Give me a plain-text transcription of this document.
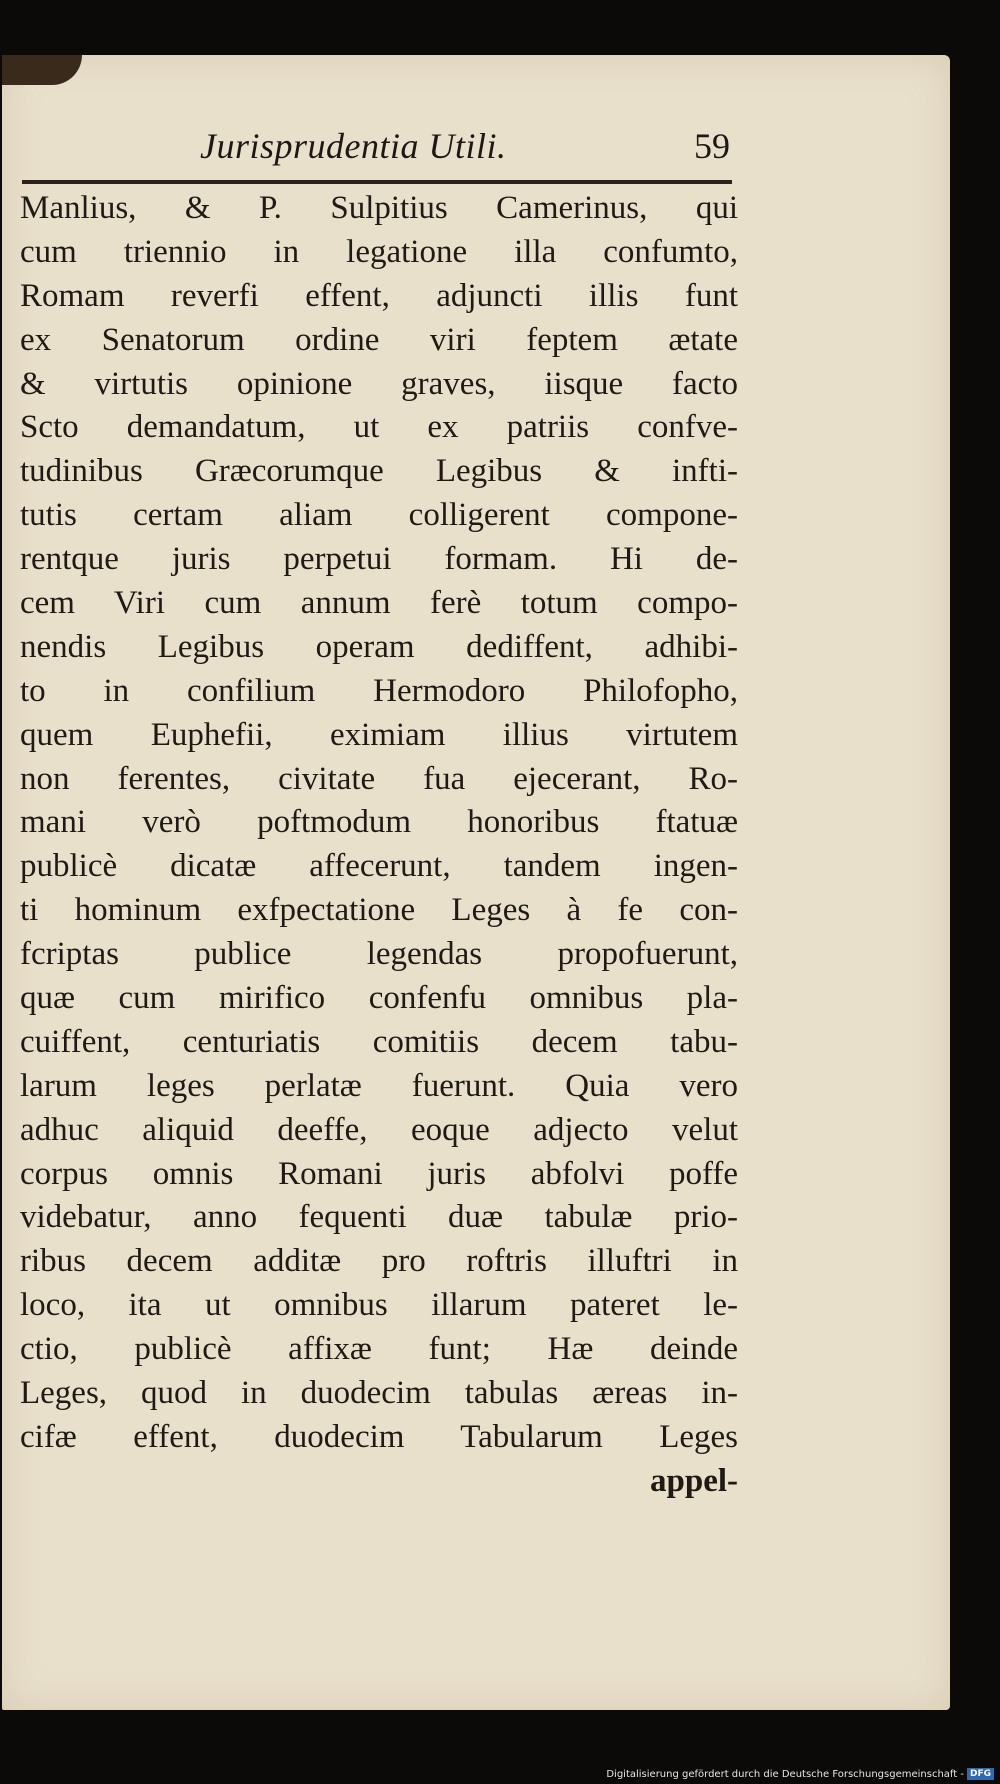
Jurisprudentia Utili.	59
Manlius, & P. Sulpitius Camerinus, qui
cum triennio in legatione illa confumto,
Romam reverfi effent, adjuncti illis funt
ex Senatorum ordine viri feptem ætate
& virtutis opinione graves, iisque facto
Scto demandatum, ut ex patriis confve-
tudinibus Græcorumque Legibus & infti-
tutis certam aliam colligerent compone-
rentque juris perpetui formam. Hi de-
cem Viri cum annum ferè totum compo-
nendis Legibus operam dediffent, adhibi-
to in confilium Hermodoro Philofopho,
quem Euphefii, eximiam illius virtutem
non ferentes, civitate fua ejecerant, Ro-
mani verò poftmodum honoribus ftatuæ
publicè dicatæ affecerunt, tandem ingen-
ti hominum exfpectatione Leges à fe con-
fcriptas publice legendas propofuerunt,
quæ cum mirifico confenfu omnibus pla-
cuiffent, centuriatis comitiis decem tabu-
larum leges perlatæ fuerunt. Quia vero
adhuc aliquid deeffe, eoque adjecto velut
corpus omnis Romani juris abfolvi poffe
videbatur, anno fequenti duæ tabulæ prio-
ribus decem additæ pro roftris illuftri in
loco, ita ut omnibus illarum pateret le-
ctio, publicè affixæ funt; Hæ deinde
Leges, quod in duodecim tabulas æreas in-
cifæ effent, duodecim Tabularum Leges
appel-
Digitalisierung gefördert durch die Deutsche Forschungsgemeinschaft - DFG
